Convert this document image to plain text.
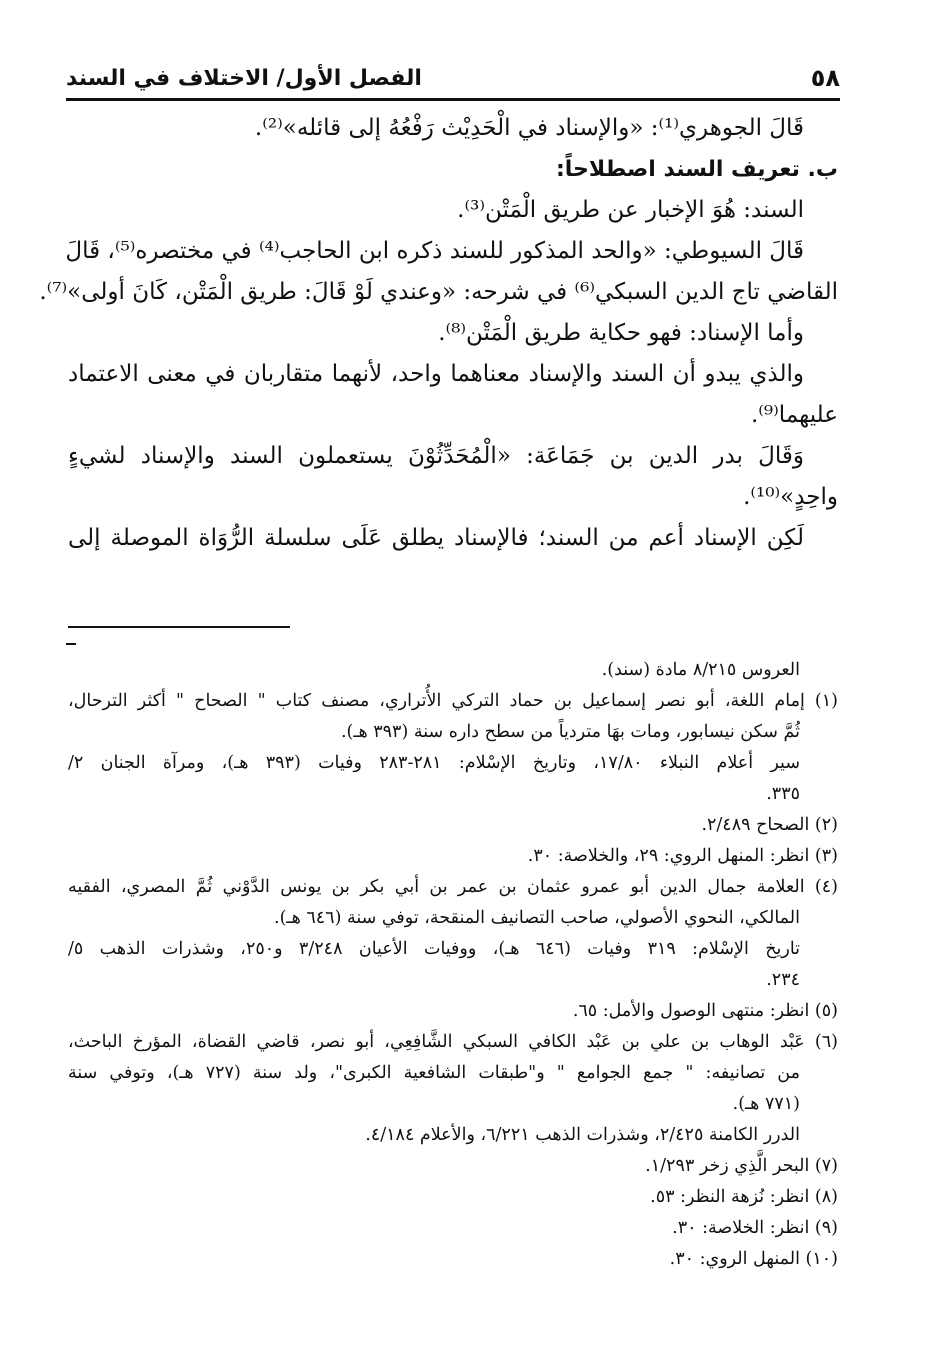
٥٨
الفصل الأول/ الاختلاف في السند
قَالَ الجوهري⁽¹⁾: «والإسناد في الْحَدِيْث رَفْعُهُ إلى قائله»⁽²⁾.
ب. تعريف السند اصطلاحاً:
السند: هُوَ الإخبار عن طريق الْمَتْن⁽³⁾.
قَالَ السيوطي: «والحد المذكور للسند ذكره ابن الحاجب⁽⁴⁾ في مختصره⁽⁵⁾، قَالَ
القاضي تاج الدين السبكي⁽⁶⁾ في شرحه: «وعندي لَوْ قَالَ: طريق الْمَتْن، كَانَ أولى»⁽⁷⁾.
وأما الإسناد: فهو حكاية طريق الْمَتْن⁽⁸⁾.
والذي يبدو أن السند والإسناد معناهما واحد، لأنهما متقاربان في معنى الاعتماد
عليهما⁽⁹⁾.
وَقَالَ بدر الدين بن جَمَاعَة: «الْمُحَدِّثُوْنَ يستعملون السند والإسناد لشيءٍ
واحِدٍ»⁽¹⁰⁾.
لَكِن الإسناد أعم من السند؛ فالإسناد يطلق عَلَى سلسلة الرُّوَاة الموصلة إلى
العروس ٨/٢١٥ مادة (سند).
(١) إمام اللغة، أبو نصر إسماعيل بن حماد التركي الأُتراري، مصنف كتاب " الصحاح " أكثر الترحال،
ثُمَّ سكن نيسابور، ومات بهَا متردياً من سطح داره سنة (٣٩٣ هـ).
سير أعلام النبلاء ١٧/٨٠، وتاريخ الإسْلام: ٢٨١-٢٨٣ وفيات (٣٩٣ هـ)، ومرآة الجنان ٢/
٣٣٥.
(٢) الصحاح ٢/٤٨٩.
(٣) انظر: المنهل الروي: ٢٩، والخلاصة: ٣٠.
(٤) العلامة جمال الدين أبو عمرو عثمان بن عمر بن أبي بكر بن يونس الدَّوْني ثُمَّ المصري، الفقيه
المالكي، النحوي الأصولي، صاحب التصانيف المنقحة، توفي سنة (٦٤٦ هـ).
تاريخ الإسْلام: ٣١٩ وفيات (٦٤٦ هـ)، ووفيات الأعيان ٣/٢٤٨ و٢٥٠، وشذرات الذهب ٥/
٢٣٤.
(٥) انظر: منتهى الوصول والأمل: ٦٥.
(٦) عَبْد الوهاب بن علي بن عَبْد الكافي السبكي الشَّافِعِي، أبو نصر، قاضي القضاة، المؤرخ الباحث،
من تصانيفه: " جمع الجوامع " و"طبقات الشافعية الكبرى"، ولد سنة (٧٢٧ هـ)، وتوفي سنة
(٧٧١ هـ).
الدرر الكامنة ٢/٤٢٥، وشذرات الذهب ٦/٢٢١، والأعلام ٤/١٨٤.
(٧) البحر الَّذِي زخر ١/٢٩٣.
(٨) انظر: نُزهة النظر: ٥٣.
(٩) انظر: الخلاصة: ٣٠.
(١٠) المنهل الروي: ٣٠.
